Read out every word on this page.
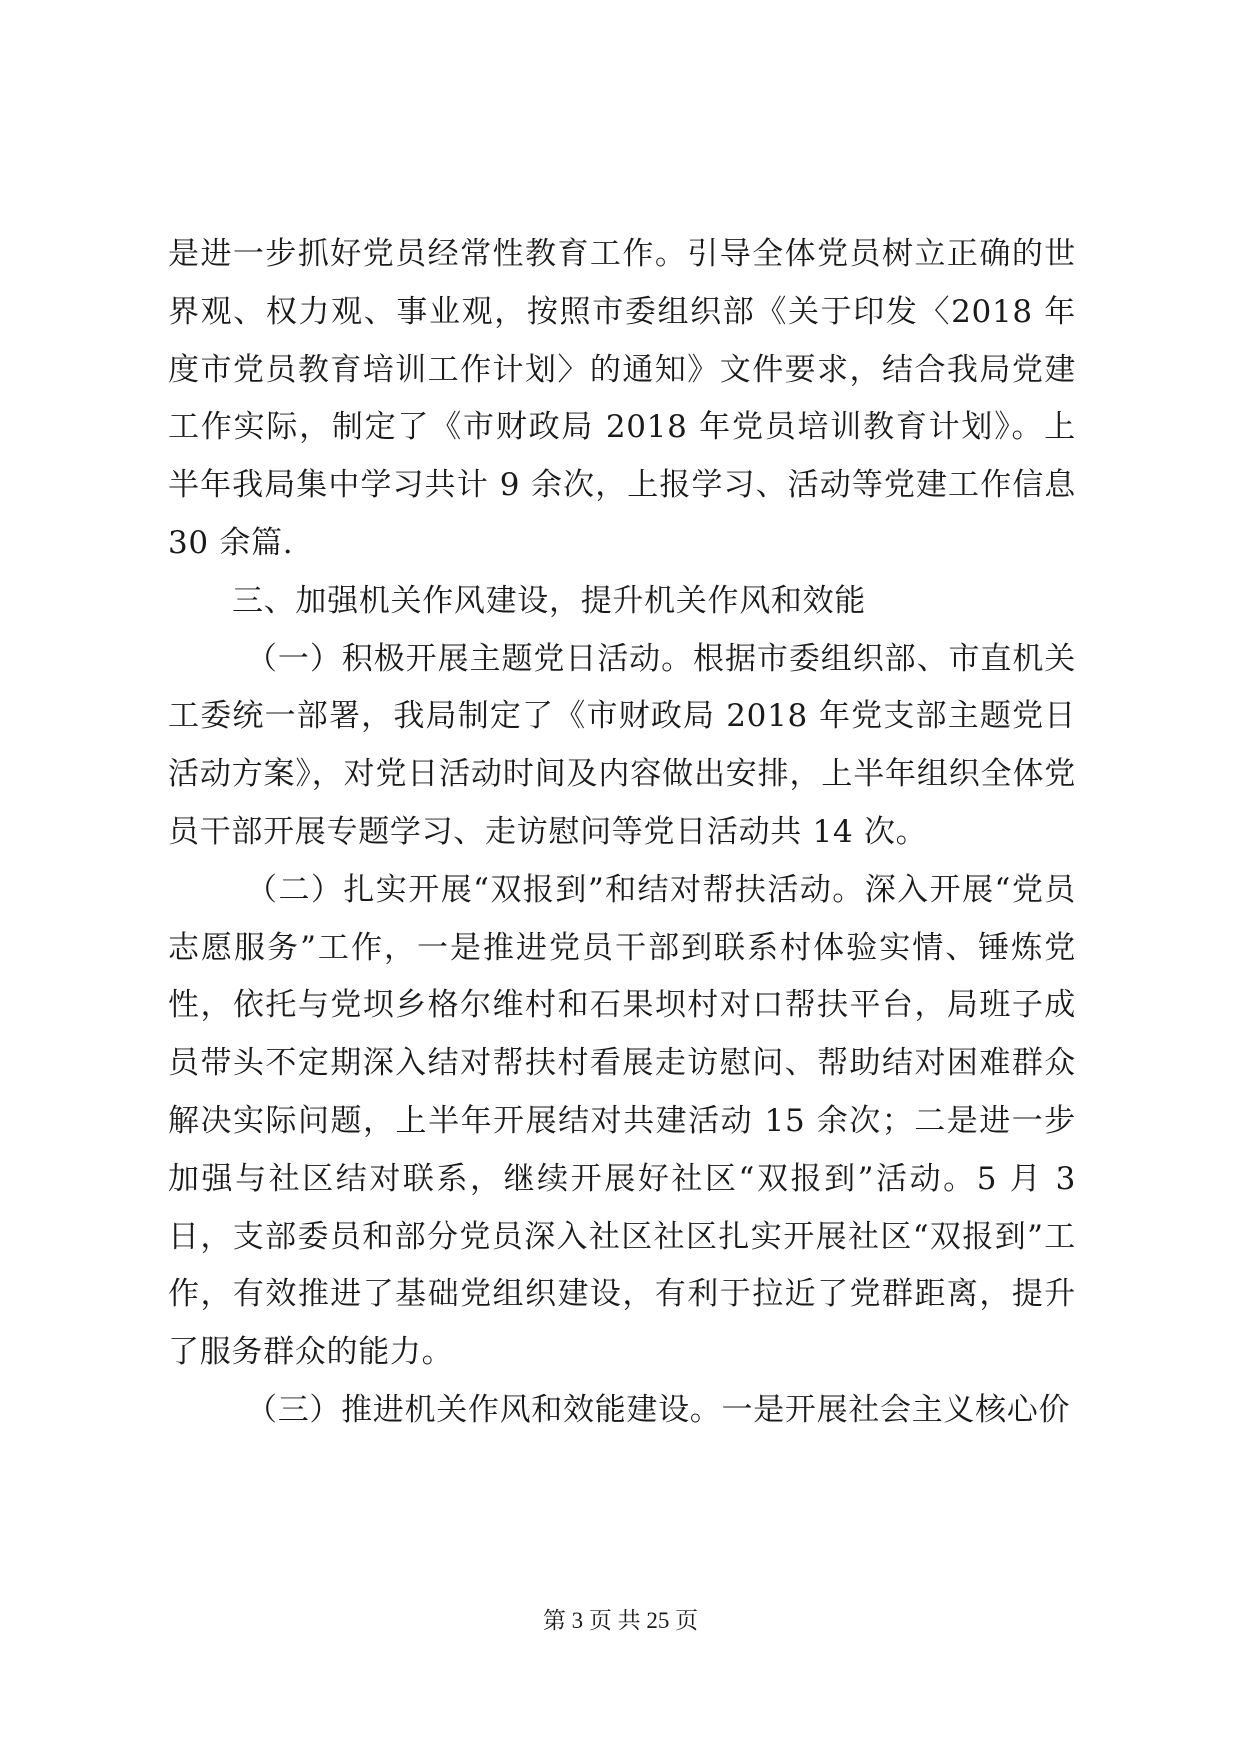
是进一步抓好党员经常性教育工作。引导全体党员树立正确的世界观、权力观、事业观，按照市委组织部《关于印发〈2018 年度市党员教育培训工作计划〉的通知》文件要求，结合我局党建工作实际，制定了《市财政局 2018 年党员培训教育计划》。上半年我局集中学习共计 9 余次，上报学习、活动等党建工作信息 30 余篇.

三、加强机关作风建设，提升机关作风和效能

（一）积极开展主题党日活动。根据市委组织部、市直机关工委统一部署，我局制定了《市财政局 2018 年党支部主题党日活动方案》，对党日活动时间及内容做出安排，上半年组织全体党员干部开展专题学习、走访慰问等党日活动共 14 次。

（二）扎实开展“双报到”和结对帮扶活动。深入开展“党员志愿服务”工作，一是推进党员干部到联系村体验实情、锤炼党性，依托与党坝乡格尔维村和石果坝村对口帮扶平台，局班子成员带头不定期深入结对帮扶村看展走访慰问、帮助结对困难群众解决实际问题，上半年开展结对共建活动 15 余次；二是进一步加强与社区结对联系，继续开展好社区“双报到”活动。5 月 3 日，支部委员和部分党员深入社区社区扎实开展社区“双报到”工作，有效推进了基础党组织建设，有利于拉近了党群距离，提升了服务群众的能力。

（三）推进机关作风和效能建设。一是开展社会主义核心价

第 3 页 共 25 页
